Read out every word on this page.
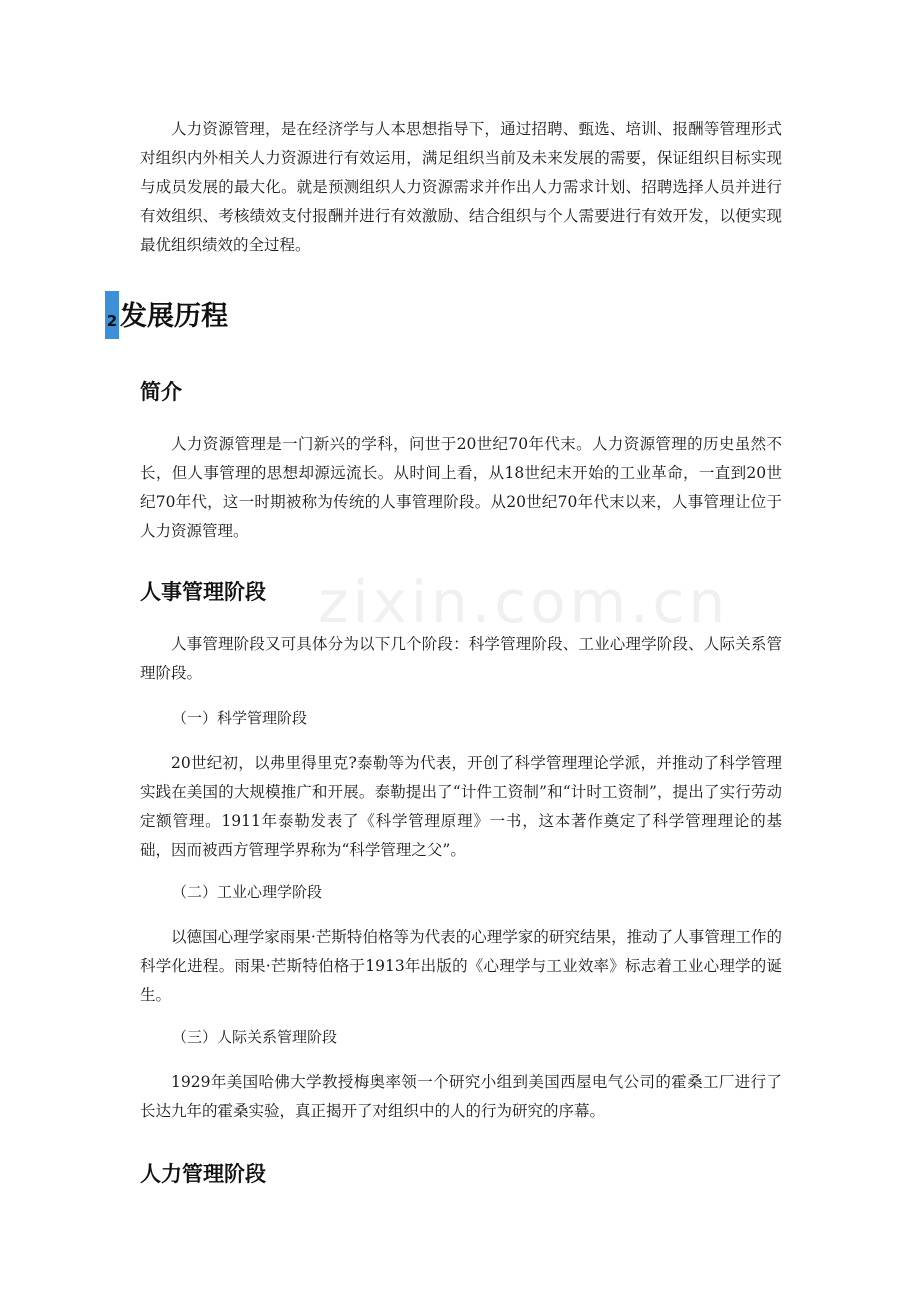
zixin.com.cn

人力资源管理，是在经济学与人本思想指导下，通过招聘、甄选、培训、报酬等管理形式对组织内外相关人力资源进行有效运用，满足组织当前及未来发展的需要，保证组织目标实现与成员发展的最大化。就是预测组织人力资源需求并作出人力需求计划、招聘选择人员并进行有效组织、考核绩效支付报酬并进行有效激励、结合组织与个人需要进行有效开发，以便实现最优组织绩效的全过程。

2 发展历程
简介

人力资源管理是一门新兴的学科，问世于20世纪70年代末。人力资源管理的历史虽然不长，但人事管理的思想却源远流长。从时间上看，从18世纪末开始的工业革命，一直到20世纪70年代，这一时期被称为传统的人事管理阶段。从20世纪70年代末以来，人事管理让位于人力资源管理。

人事管理阶段

人事管理阶段又可具体分为以下几个阶段：科学管理阶段、工业心理学阶段、人际关系管理阶段。

（一）科学管理阶段

20世纪初，以弗里得里克?泰勒等为代表，开创了科学管理理论学派，并推动了科学管理实践在美国的大规模推广和开展。泰勒提出了“计件工资制”和“计时工资制”，提出了实行劳动定额管理。1911年泰勒发表了《科学管理原理》一书，这本著作奠定了科学管理理论的基础，因而被西方管理学界称为“科学管理之父”。

（二）工业心理学阶段

以德国心理学家雨果·芒斯特伯格等为代表的心理学家的研究结果，推动了人事管理工作的科学化进程。雨果·芒斯特伯格于1913年出版的《心理学与工业效率》标志着工业心理学的诞生。

（三）人际关系管理阶段

1929年美国哈佛大学教授梅奥率领一个研究小组到美国西屋电气公司的霍桑工厂进行了长达九年的霍桑实验，真正揭开了对组织中的人的行为研究的序幕。

人力管理阶段
